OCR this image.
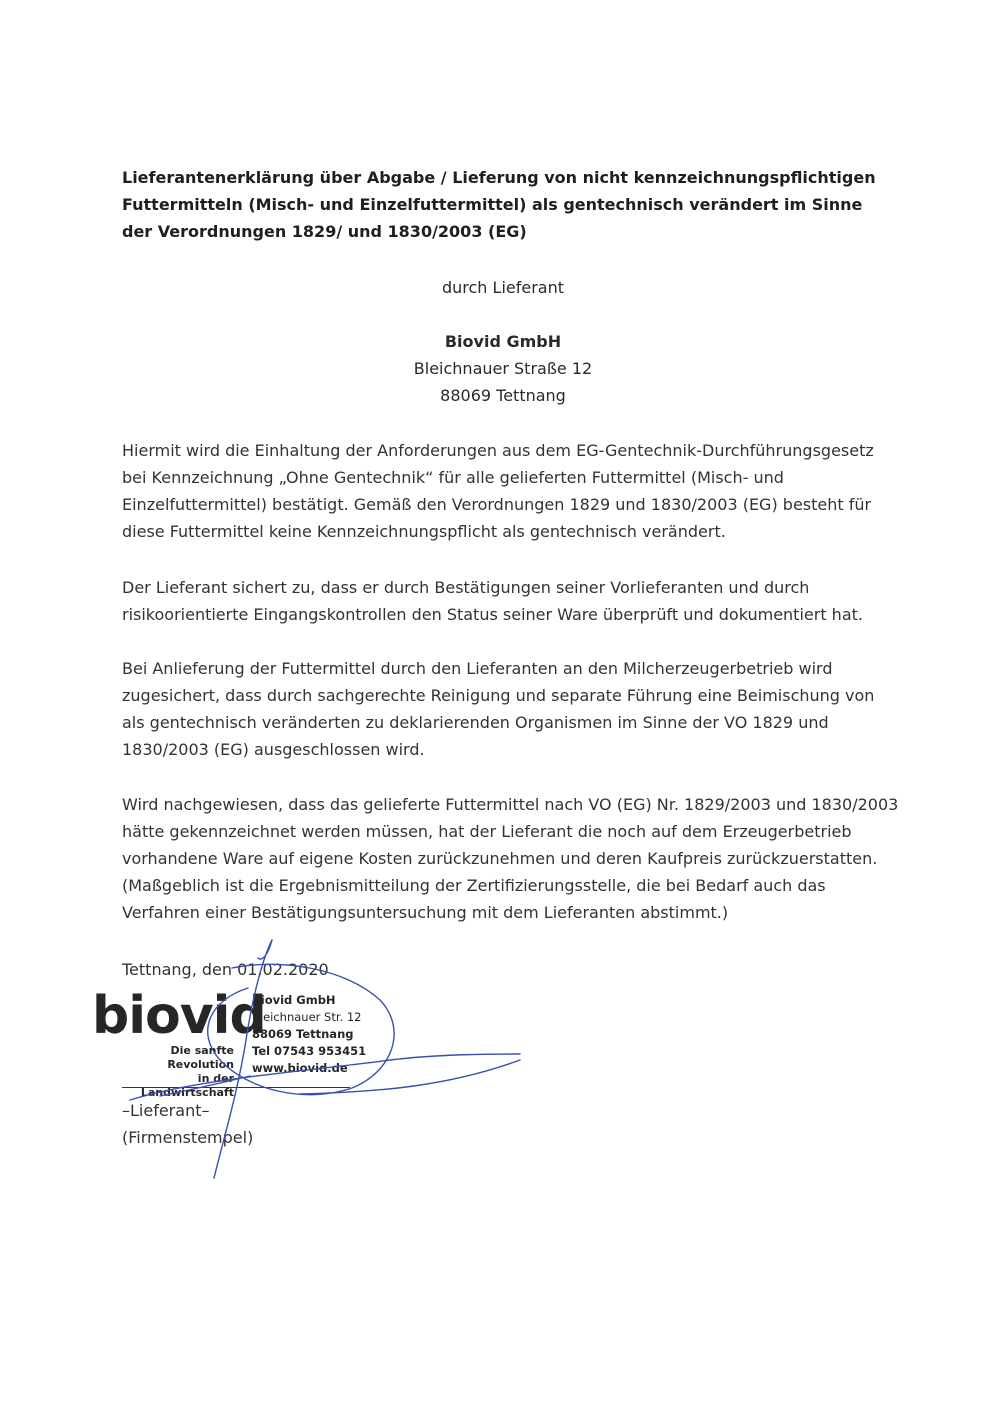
Lieferantenerklärung über Abgabe / Lieferung von nicht kennzeichnungspflichtigen Futtermitteln (Misch- und Einzelfuttermittel) als gentechnisch verändert im Sinne der Verordnungen 1829/ und 1830/2003 (EG)
durch Lieferant
Biovid GmbH
Bleichnauer Straße 12
88069 Tettnang
Hiermit wird die Einhaltung der Anforderungen aus dem EG-Gentechnik-Durchführungsgesetz bei Kennzeichnung „Ohne Gentechnik“ für alle gelieferten Futtermittel (Misch- und Einzelfuttermittel) bestätigt. Gemäß den Verordnungen 1829 und 1830/2003 (EG) besteht für diese Futtermittel keine Kennzeichnungspflicht als gentechnisch verändert.
Der Lieferant sichert zu, dass er durch Bestätigungen seiner Vorlieferanten und durch risikoorientierte Eingangskontrollen den Status seiner Ware überprüft und dokumentiert hat.
Bei Anlieferung der Futtermittel durch den Lieferanten an den Milcherzeugerbetrieb wird zugesichert, dass durch sachgerechte Reinigung und separate Führung eine Beimischung von als gentechnisch veränderten zu deklarierenden Organismen im Sinne der VO 1829 und 1830/2003 (EG) ausgeschlossen wird.
Wird nachgewiesen, dass das gelieferte Futtermittel nach VO (EG) Nr. 1829/2003 und 1830/2003 hätte gekennzeichnet werden müssen, hat der Lieferant die noch auf dem Erzeugerbetrieb vorhandene Ware auf eigene Kosten zurückzunehmen und deren Kaufpreis zurückzuerstatten. (Maßgeblich ist die Ergebnismitteilung der Zertifizierungsstelle, die bei Bedarf auch das Verfahren einer Bestätigungsuntersuchung mit dem Lieferanten abstimmt.)
Tettnang, den 01.02.2020
biovid
Die sanfte Revolution
in der Landwirtschaft
Biovid GmbH
Bleichnauer Str. 12
88069 Tettnang
Tel 07543 953451
www.biovid.de
–Lieferant–
(Firmenstempel)
